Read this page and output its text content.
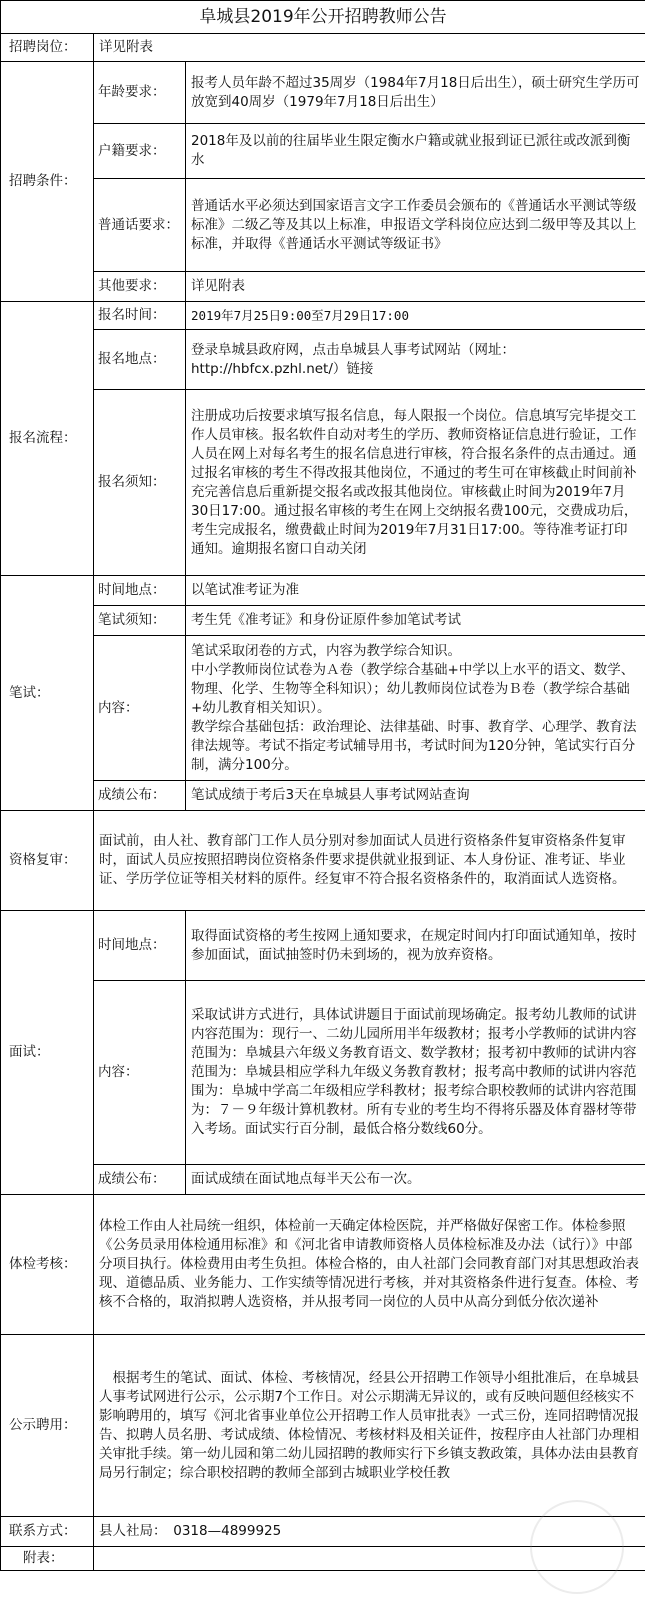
阜城县2019年公开招聘教师公告		
招聘岗位：	详见附表	
招聘条件：	年龄要求：	报考人员年龄不超过35周岁（1984年7月18日后出生），硕士研究生学历可放宽到40周岁（1979年7月18日后出生）
	户籍要求：	2018年及以前的往届毕业生限定衡水户籍或就业报到证已派往或改派到衡水
	普通话要求：	普通话水平必须达到国家语言文字工作委员会颁布的《普通话水平测试等级标准》二级乙等及其以上标准，申报语文学科岗位应达到二级甲等及其以上标准，并取得《普通话水平测试等级证书》
	其他要求：	详见附表
报名流程：	报名时间：	2019年7月25日9:00至7月29日17:00
	报名地点：	登录阜城县政府网，点击阜城县人事考试网站（网址：http://hbfcx.pzhl.net/）链接
	报名须知：	注册成功后按要求填写报名信息，每人限报一个岗位。信息填写完毕提交工作人员审核。报名软件自动对考生的学历、教师资格证信息进行验证，工作人员在网上对每名考生的报名信息进行审核，符合报名条件的点击通过。通过报名审核的考生不得改报其他岗位，不通过的考生可在审核截止时间前补充完善信息后重新提交报名或改报其他岗位。审核截止时间为2019年7月30日17:00。通过报名审核的考生在网上交纳报名费100元，交费成功后，考生完成报名，缴费截止时间为2019年7月31日17:00。等待准考证打印通知。逾期报名窗口自动关闭
笔试：	时间地点：	以笔试准考证为准
	笔试须知：	考生凭《准考证》和身份证原件参加笔试考试
	内容：	笔试采取闭卷的方式，内容为教学综合知识。
中小学教师岗位试卷为Ａ卷（教学综合基础+中学以上水平的语文、数学、物理、化学、生物等全科知识）；幼儿教师岗位试卷为Ｂ卷（教学综合基础+幼儿教育相关知识）。
教学综合基础包括：政治理论、法律基础、时事、教育学、心理学、教育法律法规等。考试不指定考试辅导用书，考试时间为120分钟，笔试实行百分制，满分100分。
	成绩公布：	笔试成绩于考后3天在阜城县人事考试网站查询
资格复审：	面试前，由人社、教育部门工作人员分别对参加面试人员进行资格条件复审资格条件复审时，面试人员应按照招聘岗位资格条件要求提供就业报到证、本人身份证、准考证、毕业证、学历学位证等相关材料的原件。经复审不符合报名资格条件的，取消面试人选资格。	
面试：	时间地点：	取得面试资格的考生按网上通知要求，在规定时间内打印面试通知单，按时参加面试，面试抽签时仍未到场的，视为放弃资格。
	内容：	采取试讲方式进行，具体试讲题目于面试前现场确定。报考幼儿教师的试讲内容范围为：现行一、二幼儿园所用半年级教材；报考小学教师的试讲内容范围为：阜城县六年级义务教育语文、数学教材；报考初中教师的试讲内容范围为：阜城县相应学科九年级义务教育教材；报考高中教师的试讲内容范围为：阜城中学高二年级相应学科教材；报考综合职校教师的试讲内容范围为：７－９年级计算机教材。所有专业的考生均不得将乐器及体育器材等带入考场。面试实行百分制，最低合格分数线60分。
	成绩公布：	面试成绩在面试地点每半天公布一次。
体检考核：	体检工作由人社局统一组织，体检前一天确定体检医院，并严格做好保密工作。体检参照《公务员录用体检通用标准》和《河北省申请教师资格人员体检标准及办法（试行）》中部分项目执行。体检费用由考生负担。体检合格的，由人社部门会同教育部门对其思想政治表现、道德品质、业务能力、工作实绩等情况进行考核，并对其资格条件进行复查。体检、考核不合格的，取消拟聘人选资格，并从报考同一岗位的人员中从高分到低分依次递补	
公示聘用：	　根据考生的笔试、面试、体检、考核情况，经县公开招聘工作领导小组批准后，在阜城县人事考试网进行公示，公示期7个工作日。对公示期满无异议的，或有反映问题但经核实不影响聘用的，填写《河北省事业单位公开招聘工作人员审批表》一式三份，连同招聘情况报告、拟聘人员名册、考试成绩、体检情况、考核材料及相关证件，按程序由人社部门办理相关审批手续。第一幼儿园和第二幼儿园招聘的教师实行下乡镇支教政策，具体办法由县教育局另行制定；综合职校招聘的教师全部到古城职业学校任教	
联系方式：	县人社局：　0318—4899925	
附表：		
